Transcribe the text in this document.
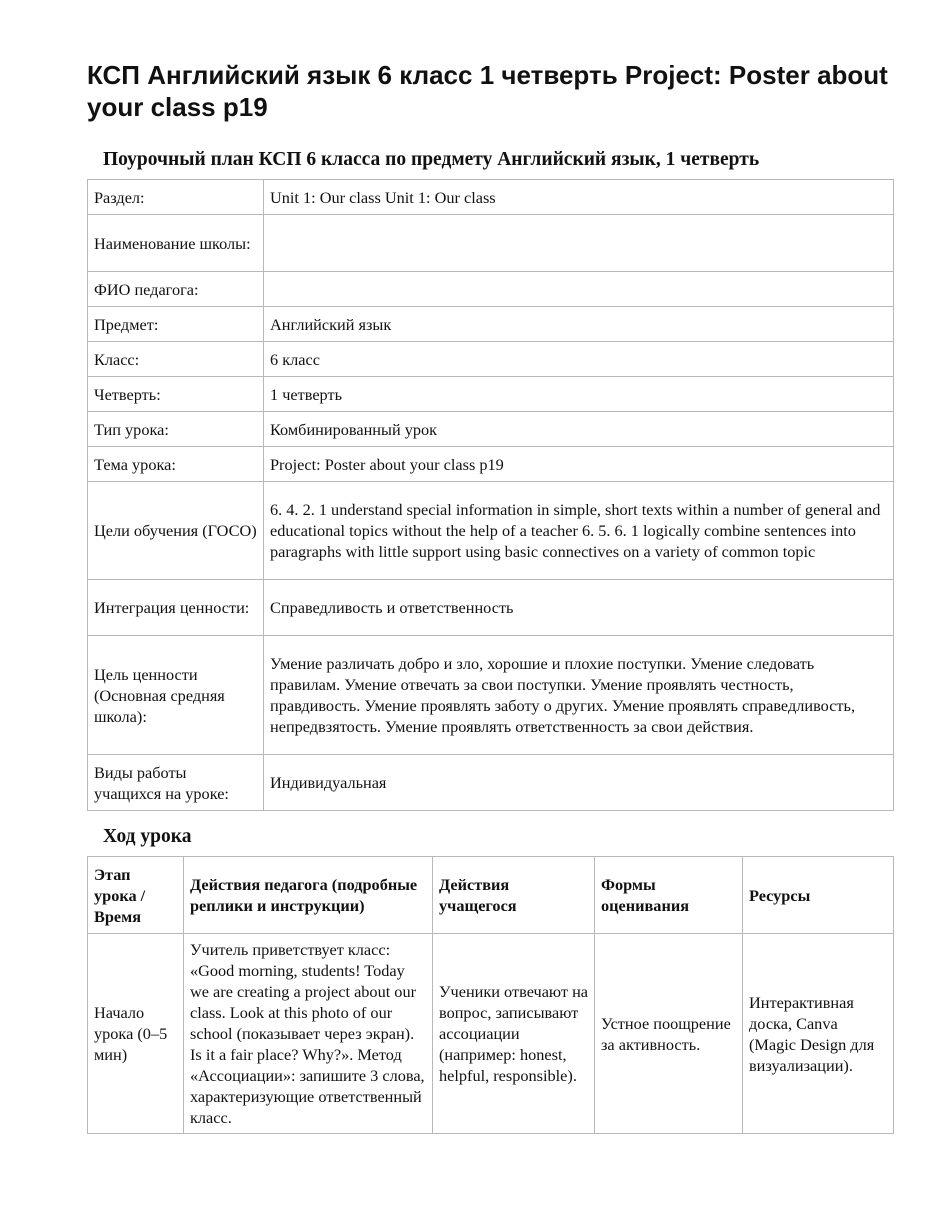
КСП Английский язык 6 класс 1 четверть Project: Poster about your class p19
Поурочный план КСП 6 класса по предмету Английский язык, 1 четверть
Раздел:	Unit 1: Our class Unit 1: Our class
Наименование школы:	
ФИО педагога:	
Предмет:	Английский язык
Класс:	6 класс
Четверть:	1 четверть
Тип урока:	Комбинированный урок
Тема урока:	Project: Poster about your class p19
Цели обучения (ГОСО)	6. 4. 2. 1 understand special information in simple, short texts within a number of general and educational topics without the help of a teacher 6. 5. 6. 1 logically combine sentences into paragraphs with little support using basic connectives on a variety of common topic
Интеграция ценности:	Справедливость и ответственность
Цель ценности (Основная средняя школа):	Умение различать добро и зло, хорошие и плохие поступки. Умение следовать правилам. Умение отвечать за свои поступки. Умение проявлять честность, правдивость. Умение проявлять заботу о других. Умение проявлять справедливость, непредвзятость. Умение проявлять ответственность за свои действия.
Виды работы учащихся на уроке:	Индивидуальная
Ход урока
Этап урока / Время	Действия педагога (подробные реплики и инструкции)	Действия учащегося	Формы оценивания	Ресурсы
Начало урока (0–5 мин)	Учитель приветствует класс: «Good morning, students! Today we are creating a project about our class. Look at this photo of our school (показывает через экран). Is it a fair place? Why?». Метод «Ассоциации»: запишите 3 слова, характеризующие ответственный класс.	Ученики отвечают на вопрос, записывают ассоциации (например: honest, helpful, responsible).	Устное поощрение за активность.	Интерактивная доска, Canva (Magic Design для визуализации).
